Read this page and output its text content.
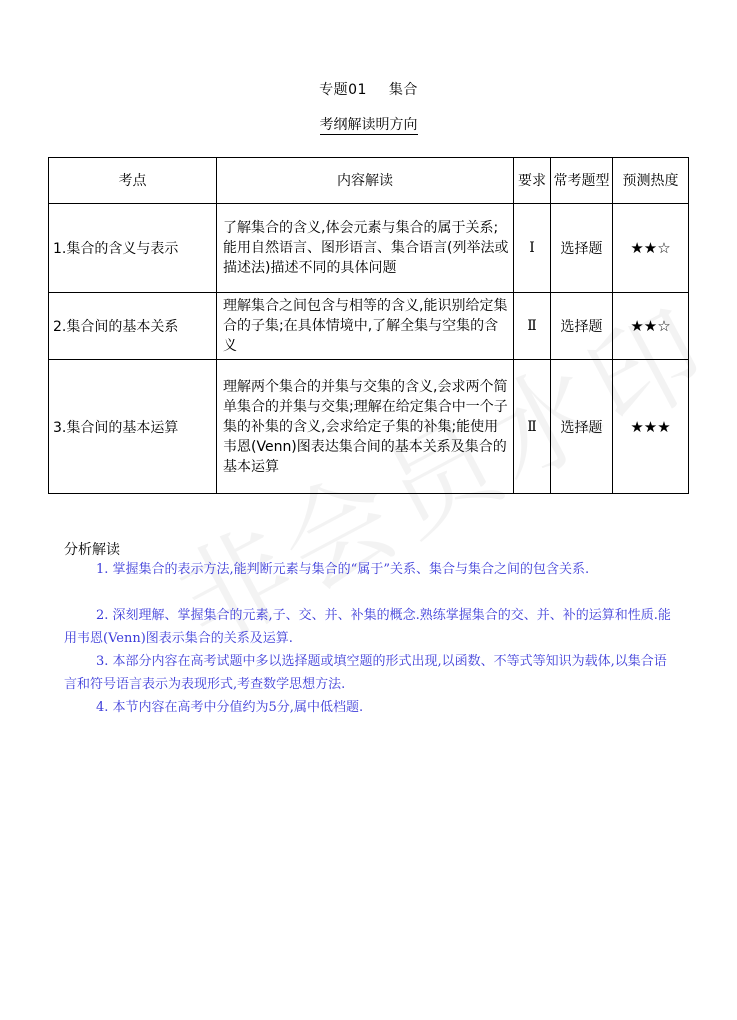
专题01 集合
考纲解读明方向
考点	内容解读	要求	常考题型	预测热度
1.集合的含义与表示	了解集合的含义,体会元素与集合的属于关系;能用自然语言、图形语言、集合语言(列举法或描述法)描述不同的具体问题	Ⅰ	选择题	★★☆
2.集合间的基本关系	理解集合之间包含与相等的含义,能识别给定集合的子集;在具体情境中,了解全集与空集的含义	Ⅱ	选择题	★★☆
3.集合间的基本运算	理解两个集合的并集与交集的含义,会求两个简单集合的并集与交集;理解在给定集合中一个子集的补集的含义,会求给定子集的补集;能使用韦恩(Venn)图表达集合间的基本关系及集合的基本运算	Ⅱ	选择题	★★★
分析解读
1. 掌握集合的表示方法,能判断元素与集合的“属于”关系、集合与集合之间的包含关系.
2. 深刻理解、掌握集合的元素,子、交、并、补集的概念.熟练掌握集合的交、并、补的运算和性质.能用韦恩(Venn)图表示集合的关系及运算.
3. 本部分内容在高考试题中多以选择题或填空题的形式出现,以函数、不等式等知识为载体,以集合语言和符号语言表示为表现形式,考查数学思想方法.
4. 本节内容在高考中分值约为5分,属中低档题.
